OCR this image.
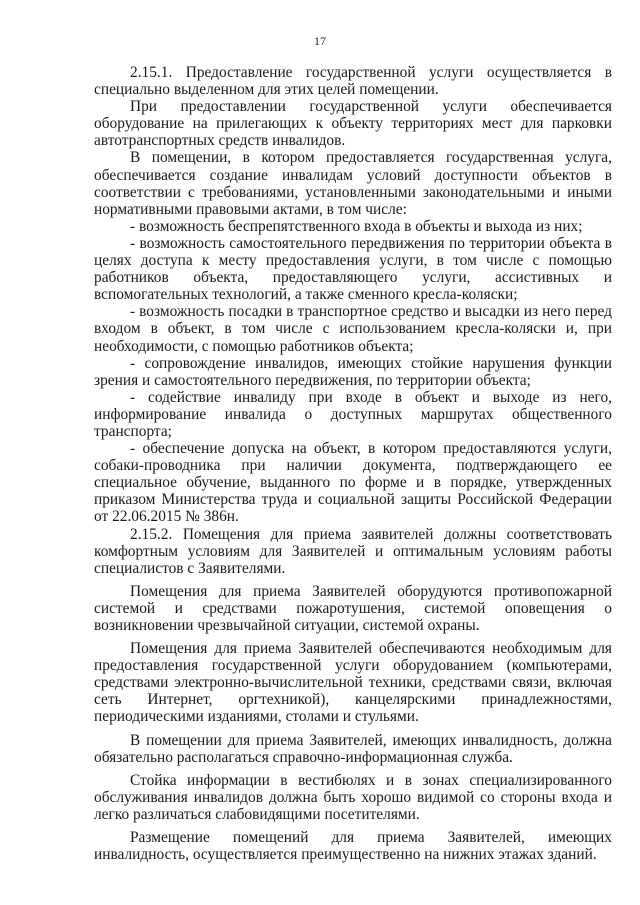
17

2.15.1. Предоставление государственной услуги осуществляется в специально выделенном для этих целей помещении.

При предоставлении государственной услуги обеспечивается оборудование на прилегающих к объекту территориях мест для парковки автотранспортных средств инвалидов.

В помещении, в котором предоставляется государственная услуга, обеспечивается создание инвалидам условий доступности объектов в соответствии с требованиями, установленными законодательными и иными нормативными правовыми актами, в том числе:

- возможность беспрепятственного входа в объекты и выхода из них;

- возможность самостоятельного передвижения по территории объекта в целях доступа к месту предоставления услуги, в том числе с помощью работников объекта, предоставляющего услуги, ассистивных и вспомогательных технологий, а также сменного кресла-коляски;

- возможность посадки в транспортное средство и высадки из него перед входом в объект, в том числе с использованием кресла-коляски и, при необходимости, с помощью работников объекта;

- сопровождение инвалидов, имеющих стойкие нарушения функции зрения и самостоятельного передвижения, по территории объекта;

- содействие инвалиду при входе в объект и выходе из него, информирование инвалида о доступных маршрутах общественного транспорта;

- обеспечение допуска на объект, в котором предоставляются услуги, собаки-проводника при наличии документа, подтверждающего ее специальное обучение, выданного по форме и в порядке, утвержденных приказом Министерства труда и социальной защиты Российской Федерации от 22.06.2015 № 386н.

2.15.2. Помещения для приема заявителей должны соответствовать комфортным условиям для Заявителей и оптимальным условиям работы специалистов с Заявителями.

Помещения для приема Заявителей оборудуются противопожарной системой и средствами пожаротушения, системой оповещения о возникновении чрезвычайной ситуации, системой охраны.

Помещения для приема Заявителей обеспечиваются необходимым для предоставления государственной услуги оборудованием (компьютерами, средствами электронно-вычислительной техники, средствами связи, включая сеть Интернет, оргтехникой), канцелярскими принадлежностями, периодическими изданиями, столами и стульями.

В помещении для приема Заявителей, имеющих инвалидность, должна обязательно располагаться справочно-информационная служба.

Стойка информации в вестибюлях и в зонах специализированного обслуживания инвалидов должна быть хорошо видимой со стороны входа и легко различаться слабовидящими посетителями.

Размещение помещений для приема Заявителей, имеющих инвалидность, осуществляется преимущественно на нижних этажах зданий.
